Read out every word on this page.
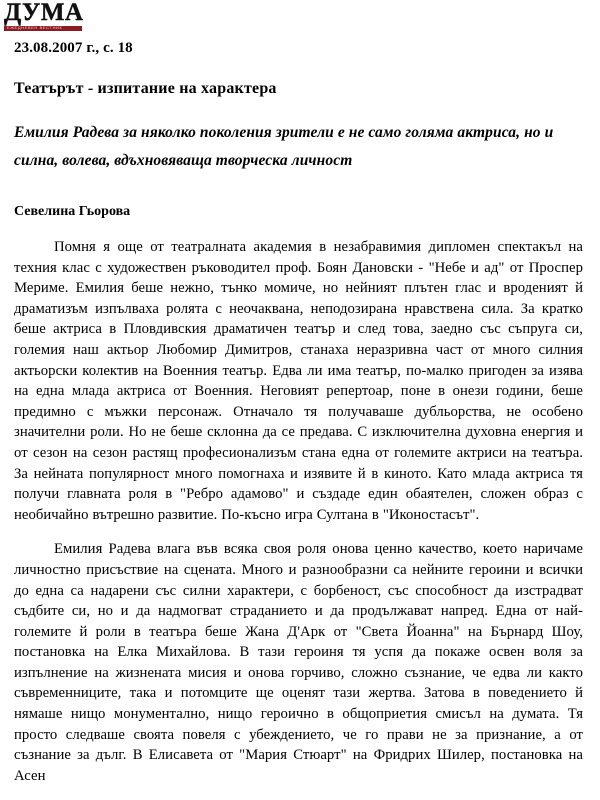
ДУМА
ЕЖЕДНЕВЕН ВЕСТНИК
23.08.2007 г., с. 18
Театърът - изпитание на характера
Емилия Радева за няколко поколения зрители е не само голяма актриса, но и силна, волева, вдъхновяваща творческа личност
Севелина Гьорова

Помня я още от театралната академия в незабравимия дипломен спектакъл на техния клас с художествен ръководител проф. Боян Дановски - "Небе и ад" от Проспер Мериме. Емилия беше нежно, тънко момиче, но нейният плътен глас и вроденият й драматизъм изпълваха ролята с неочаквана, неподозирана нравствена сила. За кратко беше актриса в Пловдивския драматичен театър и след това, заедно със съпруга си, големия наш актьор Любомир Димитров, станаха неразривна част от много силния актьорски колектив на Военния театър. Едва ли има театър, по-малко пригоден за изява на една млада актриса от Военния. Неговият репертоар, поне в онези години, беше предимно с мъжки персонаж. Отначало тя получаваше дубльорства, не особено значителни роли. Но не беше склонна да се предава. С изключителна духовна енергия и от сезон на сезон растящ професионализъм стана една от големите актриси на театъра. За нейната популярност много помогнаха и изявите й в киното. Като млада актриса тя получи главната роля в "Ребро адамово" и създаде един обаятелен, сложен образ с необичайно вътрешно развитие. По-късно игра Султана в "Иконостасът".

Емилия Радева влага във всяка своя роля онова ценно качество, което наричаме личностно присъствие на сцената. Много и разнообразни са нейните героини и всички до една са надарени със силни характери, с борбеност, със способност да изстрадват съдбите си, но и да надмогват страданието и да продължават напред. Една от най-големите й роли в театъра беше Жана Д'Арк от "Света Йоанна" на Бърнард Шоу, постановка на Елка Михайлова. В тази героиня тя успя да покаже освен воля за изпълнение на жизнената мисия и онова горчиво, сложно съзнание, че едва ли както съвременниците, така и потомците ще оценят тази жертва. Затова в поведението й нямаше нищо монументално, нищо героично в общоприетия смисъл на думата. Тя просто следваше своята повеля с убеждението, че го прави не за признание, а от съзнание за дълг. В Елисавета от "Мария Стюарт" на Фридрих Шилер, постановка на Асен
